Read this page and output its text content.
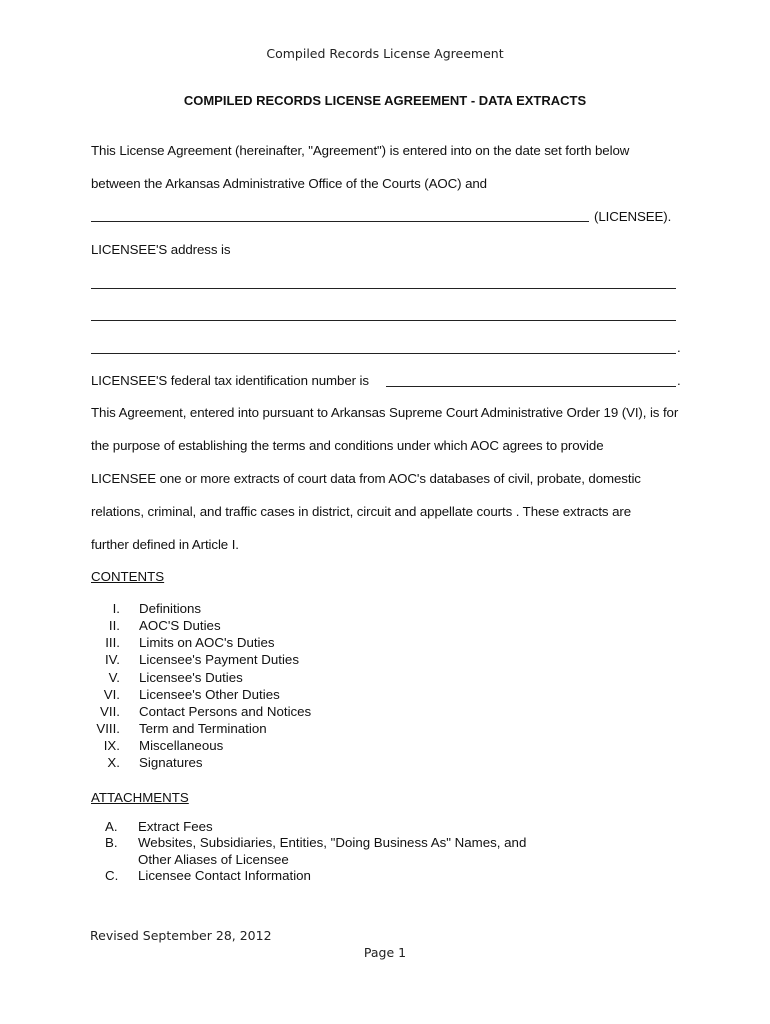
Compiled Records License Agreement
COMPILED RECORDS LICENSE AGREEMENT - DATA EXTRACTS
This License Agreement (hereinafter, "Agreement") is entered into on the date set forth below
between the Arkansas Administrative Office of the Courts (AOC) and
(LICENSEE).
LICENSEE'S address is
.
LICENSEE'S federal tax identification number is	.
This Agreement, entered into pursuant to Arkansas Supreme Court Administrative Order 19 (VI), is for
the purpose of establishing the terms and conditions under which AOC agrees to provide
LICENSEE one or more extracts of court data from AOC's databases of civil, probate, domestic
relations, criminal, and traffic cases in district, circuit and appellate courts . These extracts are
further defined in Article I.
CONTENTS
I. Definitions
II. AOC'S Duties
III. Limits on AOC's Duties
IV. Licensee's Payment Duties
V. Licensee's Duties
VI. Licensee's Other Duties
VII. Contact Persons and Notices
VIII. Term and Termination
IX. Miscellaneous
X. Signatures
ATTACHMENTS
A. Extract Fees
B. Websites, Subsidiaries, Entities, "Doing Business As" Names, and
Other Aliases of Licensee
C. Licensee Contact Information
Revised September 28, 2012
Page 1
